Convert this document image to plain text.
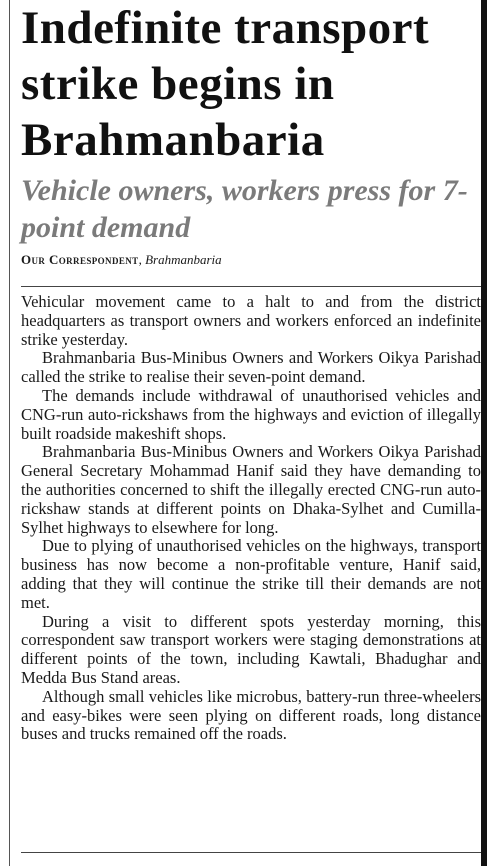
Indefinite transport strike begins in Brahmanbaria
Vehicle owners, workers press for 7-point demand
Our Correspondent, Brahmanbaria

Vehicular movement came to a halt to and from the district headquarters as transport owners and workers enforced an indefinite strike yesterday.

Brahmanbaria Bus-Minibus Owners and Workers Oikya Parishad called the strike to realise their seven-point demand.

The demands include withdrawal of unauthorised vehicles and CNG-run auto-rickshaws from the highways and eviction of illegally built roadside makeshift shops.

Brahmanbaria Bus-Minibus Owners and Workers Oikya Parishad General Secretary Mohammad Hanif said they have demanding to the authorities concerned to shift the illegally erected CNG-run auto-rickshaw stands at different points on Dhaka-Sylhet and Cumilla-Sylhet highways to elsewhere for long.

Due to plying of unauthorised vehicles on the highways, transport business has now become a non-profitable venture, Hanif said, adding that they will continue the strike till their demands are not met.

During a visit to different spots yesterday morning, this correspondent saw transport workers were staging demonstrations at different points of the town, including Kawtali, Bhadughar and Medda Bus Stand areas.

Although small vehicles like microbus, battery-run three-wheelers and easy-bikes were seen plying on different roads, long distance buses and trucks remained off the roads.
